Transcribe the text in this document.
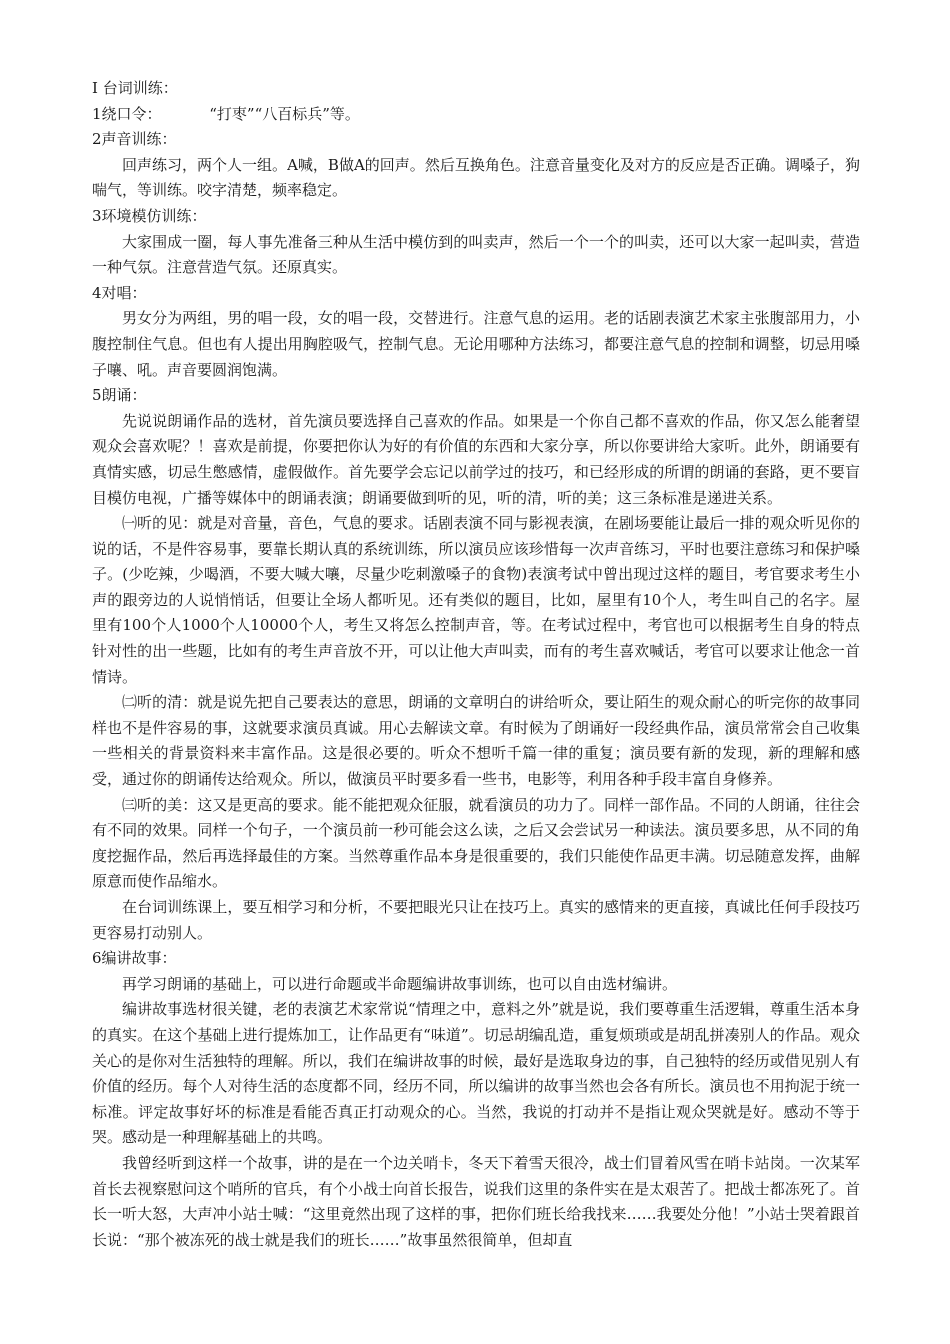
Ⅰ 台词训练：

1绕口令：	“打枣”“八百标兵”等。

2声音训练：

回声练习，两个人一组。A喊，B做A的回声。然后互换角色。注意音量变化及对方的反应是否正确。调嗓子，狗喘气，等训练。咬字清楚，频率稳定。

3环境模仿训练：

大家围成一圈，每人事先准备三种从生活中模仿到的叫卖声，然后一个一个的叫卖，还可以大家一起叫卖，营造一种气氛。注意营造气氛。还原真实。

4对唱：

男女分为两组，男的唱一段，女的唱一段，交替进行。注意气息的运用。老的话剧表演艺术家主张腹部用力，小腹控制住气息。但也有人提出用胸腔吸气，控制气息。无论用哪种方法练习，都要注意气息的控制和调整，切忌用嗓子嚷、吼。声音要圆润饱满。

5朗诵：

先说说朗诵作品的选材，首先演员要选择自己喜欢的作品。如果是一个你自己都不喜欢的作品，你又怎么能奢望观众会喜欢呢？！喜欢是前提，你要把你认为好的有价值的东西和大家分享，所以你要讲给大家听。此外，朗诵要有真情实感，切忌生憋感情，虚假做作。首先要学会忘记以前学过的技巧，和已经形成的所谓的朗诵的套路，更不要盲目模仿电视，广播等媒体中的朗诵表演；朗诵要做到听的见，听的清，听的美；这三条标准是递进关系。

㈠听的见：就是对音量，音色，气息的要求。话剧表演不同与影视表演，在剧场要能让最后一排的观众听见你的说的话，不是件容易事，要靠长期认真的系统训练，所以演员应该珍惜每一次声音练习，平时也要注意练习和保护嗓子。(少吃辣，少喝酒，不要大喊大嚷，尽量少吃刺激嗓子的食物)表演考试中曾出现过这样的题目，考官要求考生小声的跟旁边的人说悄悄话，但要让全场人都听见。还有类似的题目，比如，屋里有10个人，考生叫自己的名字。屋里有100个人1000个人10000个人，考生又将怎么控制声音，等。在考试过程中，考官也可以根据考生自身的特点针对性的出一些题，比如有的考生声音放不开，可以让他大声叫卖，而有的考生喜欢喊话，考官可以要求让他念一首情诗。

㈡听的清：就是说先把自己要表达的意思，朗诵的文章明白的讲给听众，要让陌生的观众耐心的听完你的故事同样也不是件容易的事，这就要求演员真诚。用心去解读文章。有时候为了朗诵好一段经典作品，演员常常会自己收集一些相关的背景资料来丰富作品。这是很必要的。听众不想听千篇一律的重复；演员要有新的发现，新的理解和感受，通过你的朗诵传达给观众。所以，做演员平时要多看一些书，电影等，利用各种手段丰富自身修养。

㈢听的美：这又是更高的要求。能不能把观众征服，就看演员的功力了。同样一部作品。不同的人朗诵，往往会有不同的效果。同样一个句子，一个演员前一秒可能会这么读，之后又会尝试另一种读法。演员要多思，从不同的角度挖掘作品，然后再选择最佳的方案。当然尊重作品本身是很重要的，我们只能使作品更丰满。切忌随意发挥，曲解原意而使作品缩水。

在台词训练课上，要互相学习和分析，不要把眼光只让在技巧上。真实的感情来的更直接，真诚比任何手段技巧更容易打动别人。

6编讲故事：

再学习朗诵的基础上，可以进行命题或半命题编讲故事训练，也可以自由选材编讲。

编讲故事选材很关键，老的表演艺术家常说“情理之中，意料之外”就是说，我们要尊重生活逻辑，尊重生活本身的真实。在这个基础上进行提炼加工，让作品更有“味道”。切忌胡编乱造，重复烦琐或是胡乱拼凑别人的作品。观众关心的是你对生活独特的理解。所以，我们在编讲故事的时候，最好是选取身边的事，自己独特的经历或借见别人有价值的经历。每个人对待生活的态度都不同，经历不同，所以编讲的故事当然也会各有所长。演员也不用拘泥于统一标准。评定故事好坏的标准是看能否真正打动观众的心。当然，我说的打动并不是指让观众哭就是好。感动不等于哭。感动是一种理解基础上的共鸣。

我曾经听到这样一个故事，讲的是在一个边关哨卡，冬天下着雪天很冷，战士们冒着风雪在哨卡站岗。一次某军首长去视察慰问这个哨所的官兵，有个小战士向首长报告，说我们这里的条件实在是太艰苦了。把战士都冻死了。首长一听大怒，大声冲小站士喊：“这里竟然出现了这样的事，把你们班长给我找来……我要处分他！”小站士哭着跟首长说：“那个被冻死的战士就是我们的班长……”故事虽然很简单，但却直
